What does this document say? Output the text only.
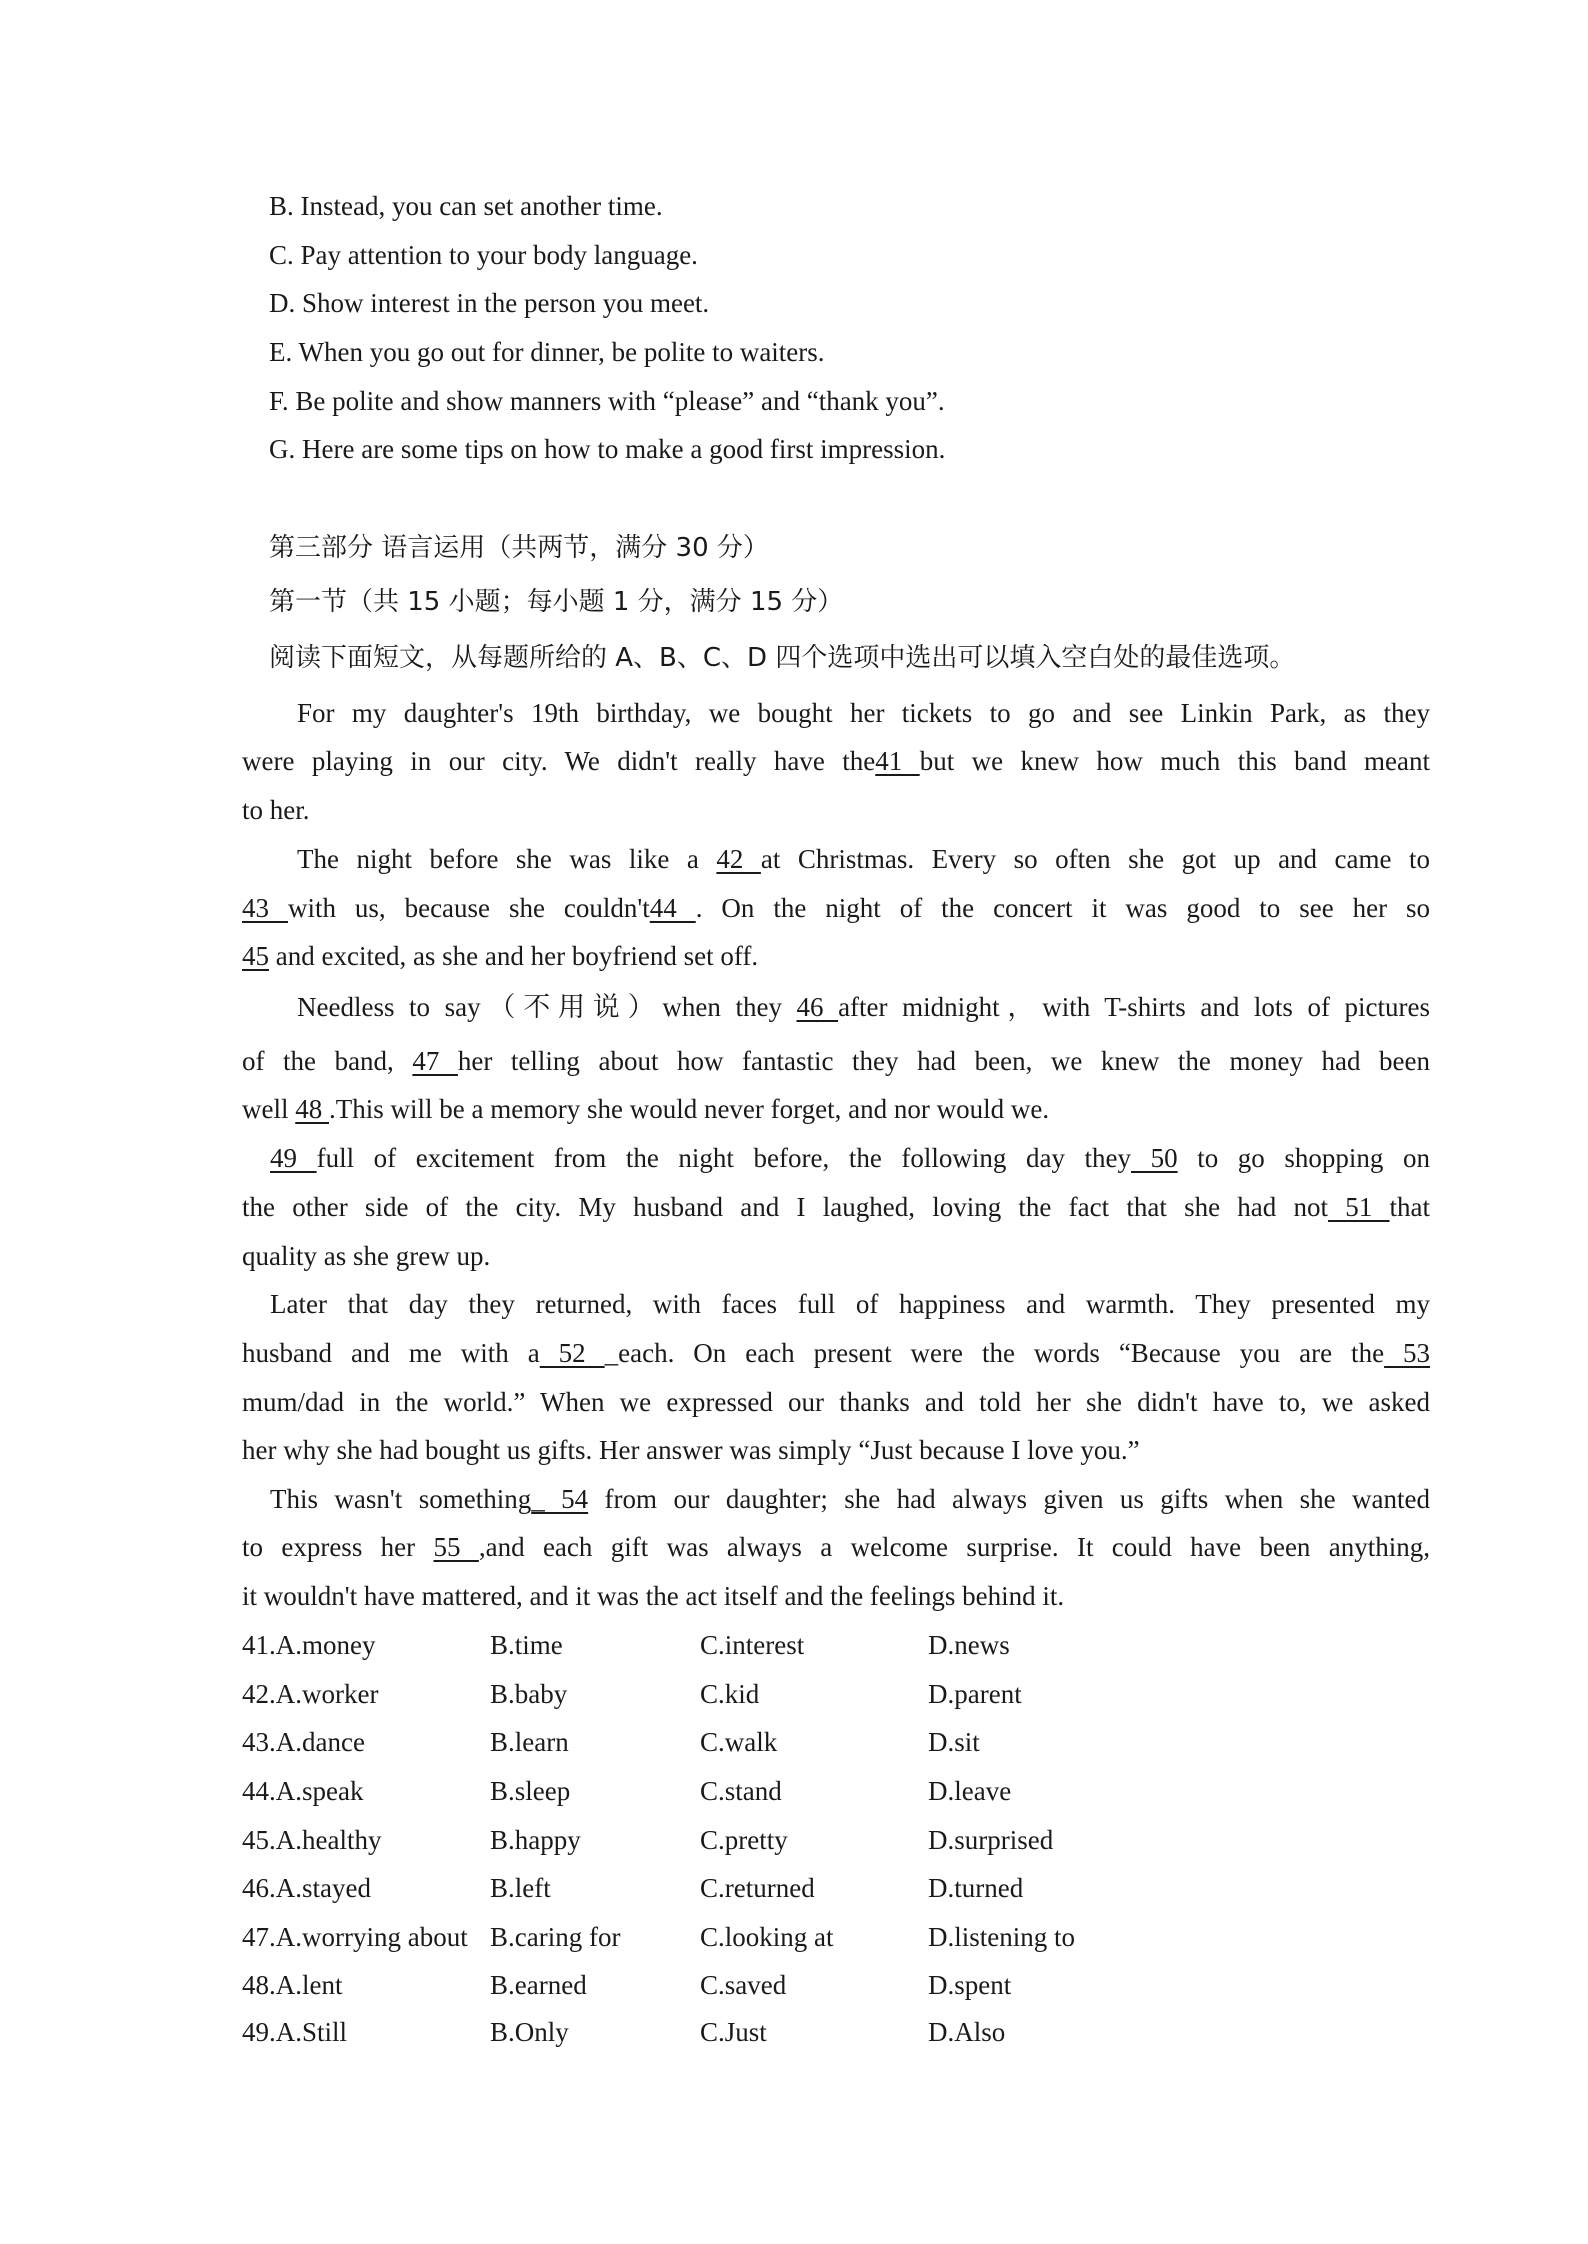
B. Instead, you can set another time.
C. Pay attention to your body language.
D. Show interest in the person you meet.
E. When you go out for dinner, be polite to waiters.
F. Be polite and show manners with “please” and “thank you”.
G. Here are some tips on how to make a good first impression.
第三部分 语言运用（共两节，满分 30 分）
第一节（共 15 小题；每小题 1 分，满分 15 分）
阅读下面短文，从每题所给的 A、B、C、D 四个选项中选出可以填入空白处的最佳选项。
For my daughter's 19th birthday, we bought her tickets to go and see Linkin Park, as they
were playing in our city. We didn't really have the41 but we knew how much this band meant
to her.
The night before she was like a 42 at Christmas. Every so often she got up and came to
43 with us, because she couldn't44 . On the night of the concert it was good to see her so
45 and excited, as she and her boyfriend set off.
Needless to say（不用说）when they 46 after midnight，with T-shirts and lots of pictures
of the band, 47 her telling about how fantastic they had been, we knew the money had been
well 48 .This will be a memory she would never forget, and nor would we.
49 full of excitement from the night before, the following day they 50 to go shopping on
the other side of the city. My husband and I laughed, loving the fact that she had not 51 that
quality as she grew up.
Later that day they returned, with faces full of happiness and warmth. They presented my
husband and me with a 52 _each. On each present were the words “Because you are the 53
mum/dad in the world.” When we expressed our thanks and told her she didn't have to, we asked
her why she had bought us gifts. Her answer was simply “Just because I love you.”
This wasn't something_ 54 from our daughter; she had always given us gifts when she wanted
to express her 55 ,and each gift was always a welcome surprise. It could have been anything,
it wouldn't have mattered, and it was the act itself and the feelings behind it.
41.A.money	B.time	C.interest	D.news
42.A.worker	B.baby	C.kid	D.parent
43.A.dance	B.learn	C.walk	D.sit
44.A.speak	B.sleep	C.stand	D.leave
45.A.healthy	B.happy	C.pretty	D.surprised
46.A.stayed	B.left	C.returned	D.turned
47.A.worrying about B.caring for	C.looking at	D.listening to
48.A.lent	B.earned	C.saved	D.spent
49.A.Still	B.Only	C.Just	D.Also
